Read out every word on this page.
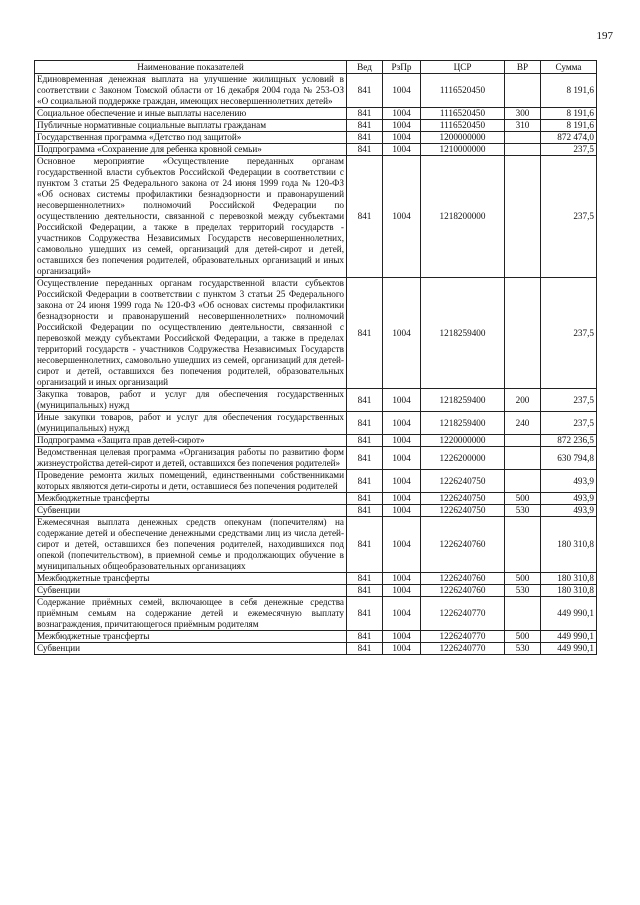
197
Наименование показателей	Вед	РзПр	ЦСР	ВР	Сумма
Единовременная денежная выплата на улучшение жилищных условий в соответствии с Законом Томской области от 16 декабря 2004 года № 253-ОЗ «О социальной поддержке граждан, имеющих несовершеннолетних детей»	841	1004	1116520450		8 191,6
Социальное обеспечение и иные выплаты населению	841	1004	1116520450	300	8 191,6
Публичные нормативные социальные выплаты гражданам	841	1004	1116520450	310	8 191,6
Государственная программа «Детство под защитой»	841	1004	1200000000		872 474,0
Подпрограмма «Сохранение для ребенка кровной семьи»	841	1004	1210000000		237,5
Основное мероприятие «Осуществление переданных органам государственной власти субъектов Российской Федерации в соответствии с пунктом 3 статьи 25 Федерального закона от 24 июня 1999 года № 120-ФЗ «Об основах системы профилактики безнадзорности и правонарушений несовершеннолетних» полномочий Российской Федерации по осуществлению деятельности, связанной с перевозкой между субъектами Российской Федерации, а также в пределах территорий государств - участников Содружества Независимых Государств несовершеннолетних, самовольно ушедших из семей, организаций для детей-сирот и детей, оставшихся без попечения родителей, образовательных организаций и иных организаций»	841	1004	1218200000		237,5
Осуществление переданных органам государственной власти субъектов Российской Федерации в соответствии с пунктом 3 статьи 25 Федерального закона от 24 июня 1999 года № 120-ФЗ «Об основах системы профилактики безнадзорности и правонарушений несовершеннолетних» полномочий Российской Федерации по осуществлению деятельности, связанной с перевозкой между субъектами Российской Федерации, а также в пределах территорий государств - участников Содружества Независимых Государств несовершеннолетних, самовольно ушедших из семей, организаций для детей-сирот и детей, оставшихся без попечения родителей, образовательных организаций и иных организаций	841	1004	1218259400		237,5
Закупка товаров, работ и услуг для обеспечения государственных (муниципальных) нужд	841	1004	1218259400	200	237,5
Иные закупки товаров, работ и услуг для обеспечения государственных (муниципальных) нужд	841	1004	1218259400	240	237,5
Подпрограмма «Защита прав детей-сирот»	841	1004	1220000000		872 236,5
Ведомственная целевая программа «Организация работы по развитию форм жизнеустройства детей-сирот и детей, оставшихся без попечения родителей»	841	1004	1226200000		630 794,8
Проведение ремонта жилых помещений, единственными собственниками которых являются дети-сироты и дети, оставшиеся без попечения родителей	841	1004	1226240750		493,9
Межбюджетные трансферты	841	1004	1226240750	500	493,9
Субвенции	841	1004	1226240750	530	493,9
Ежемесячная выплата денежных средств опекунам (попечителям) на содержание детей и обеспечение денежными средствами лиц из числа детей-сирот и детей, оставшихся без попечения родителей, находившихся под опекой (попечительством), в приемной семье и продолжающих обучение в муниципальных общеобразовательных организациях	841	1004	1226240760		180 310,8
Межбюджетные трансферты	841	1004	1226240760	500	180 310,8
Субвенции	841	1004	1226240760	530	180 310,8
Содержание приёмных семей, включающее в себя денежные средства приёмным семьям на содержание детей и ежемесячную выплату вознаграждения, причитающегося приёмным родителям	841	1004	1226240770		449 990,1
Межбюджетные трансферты	841	1004	1226240770	500	449 990,1
Субвенции	841	1004	1226240770	530	449 990,1
